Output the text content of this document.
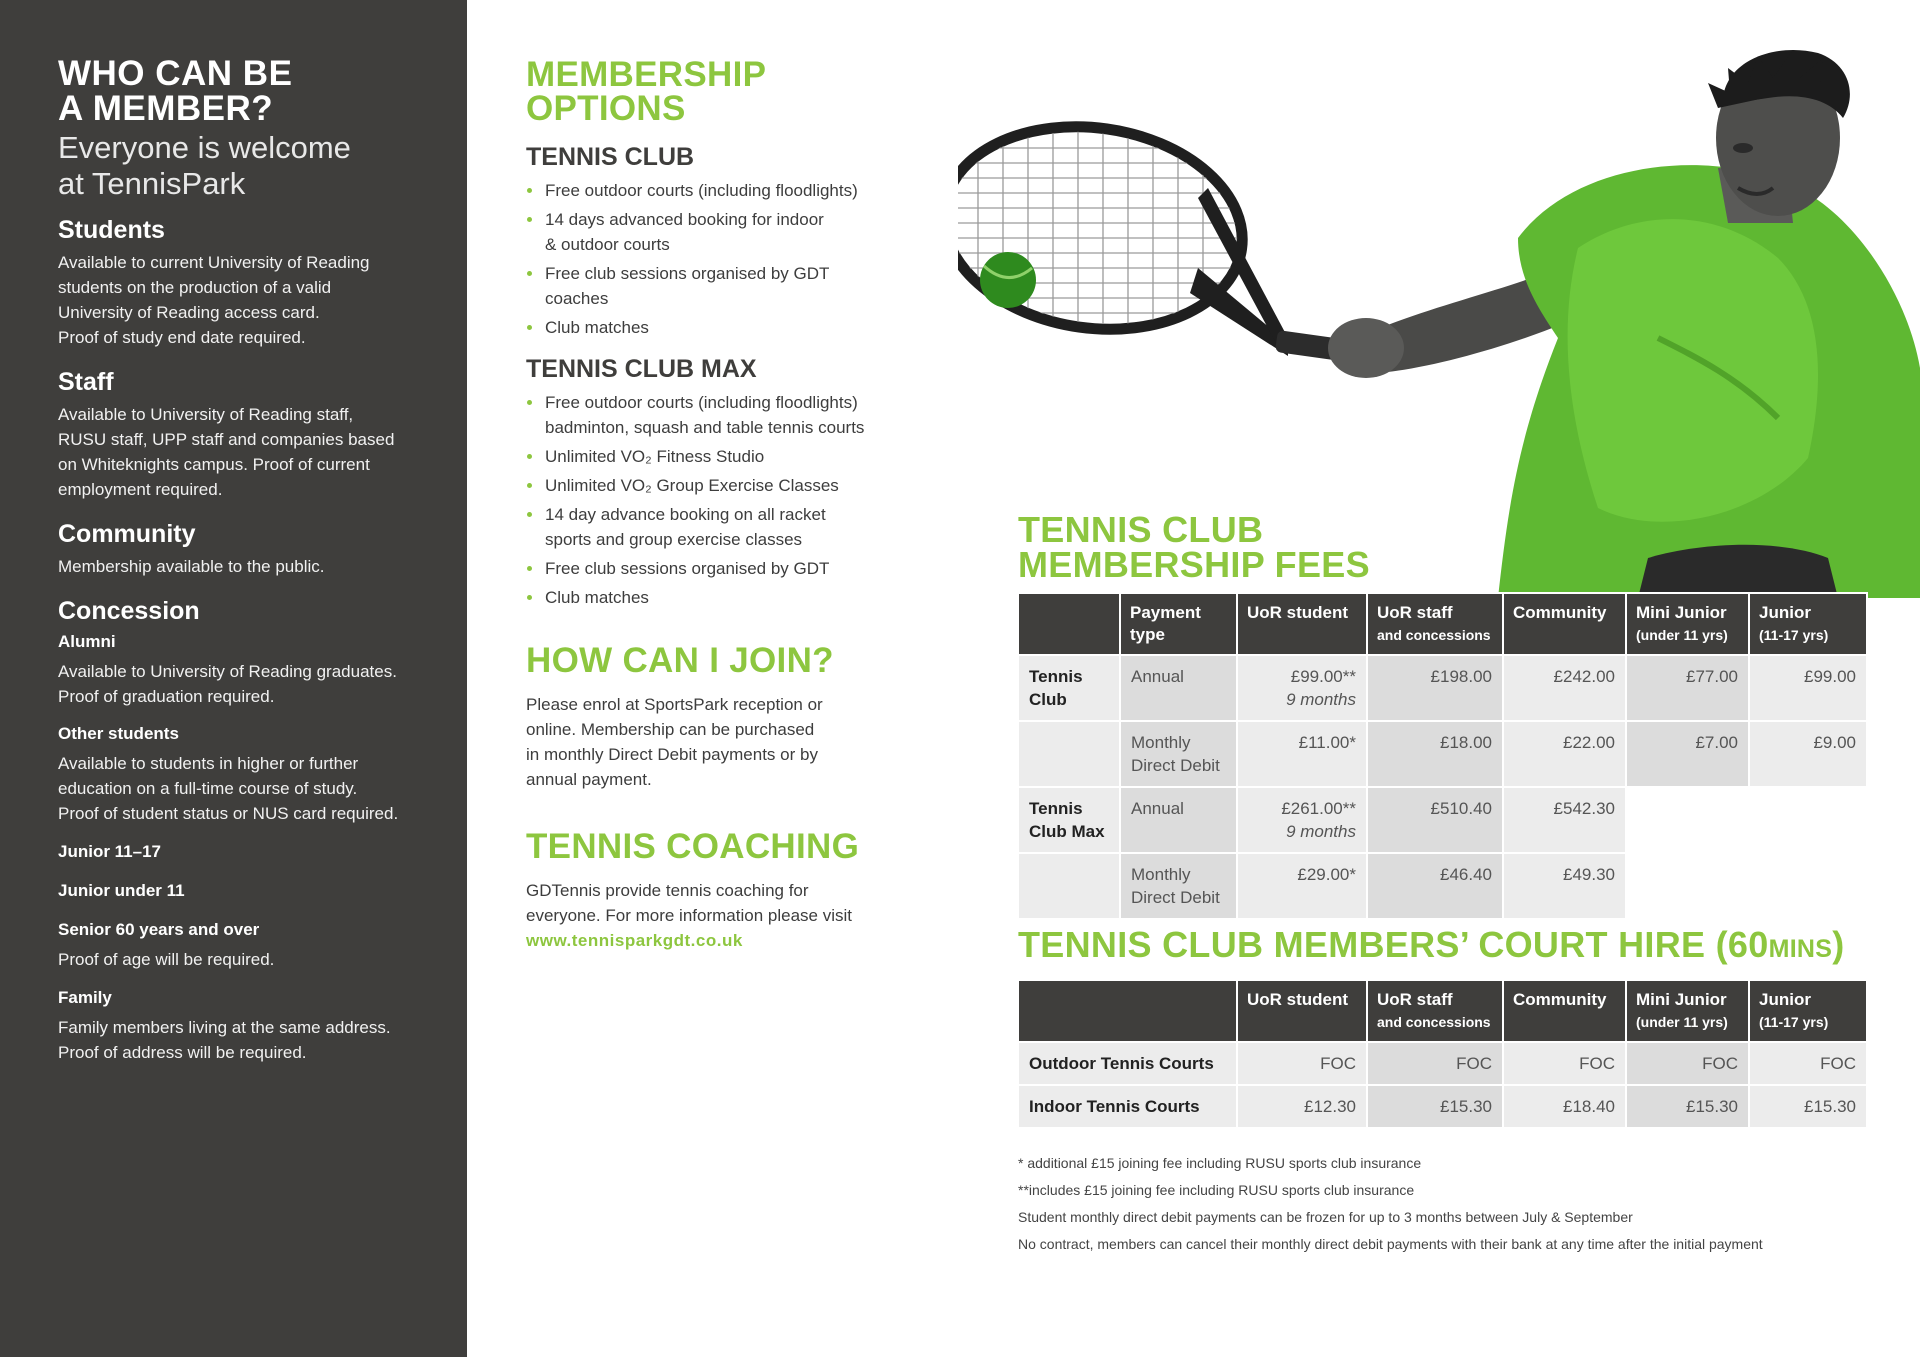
WHO CAN BE
A MEMBER?

Everyone is welcome
at TennisPark

Students

Available to current University of Reading
students on the production of a valid
University of Reading access card.
Proof of study end date required.

Staff

Available to University of Reading staff,
RUSU staff, UPP staff and companies based
on Whiteknights campus. Proof of current
employment required.

Community

Membership available to the public.

Concession
Alumni

Available to University of Reading graduates.
Proof of graduation required.

Other students

Available to students in higher or further
education on a full-time course of study.
Proof of student status or NUS card required.

Junior 11–17
Junior under 11
Senior 60 years and over

Proof of age will be required.

Family

Family members living at the same address.
Proof of address will be required.

MEMBERSHIP
OPTIONS
TENNIS CLUB
Free outdoor courts (including floodlights)
14 days advanced booking for indoor
& outdoor courts
Free club sessions organised by GDT
coaches
Club matches
TENNIS CLUB MAX
Free outdoor courts (including floodlights)
badminton, squash and table tennis courts
Unlimited VO₂ Fitness Studio
Unlimited VO₂ Group Exercise Classes
14 day advance booking on all racket
sports and group exercise classes
Free club sessions organised by GDT
Club matches
HOW CAN I JOIN?

Please enrol at SportsPark reception or
online. Membership can be purchased
in monthly Direct Debit payments or by
annual payment.

TENNIS COACHING

GDTennis provide tennis coaching for
everyone. For more information please visit

www.tennisparkgdt.co.uk

TENNIS CLUB
MEMBERSHIP FEES
	Payment
type	UoR student	UoR staff
and concessions	Community	Mini Junior
(under 11 yrs)	Junior
(11-17 yrs)

Tennis
Club	Annual	£99.00**
9 months	£198.00	£242.00	£77.00	£99.00

	Monthly
Direct Debit	£11.00*	£18.00	£22.00	£7.00	£9.00

Tennis
Club Max	Annual	£261.00**
9 months	£510.40	£542.30		

	Monthly
Direct Debit	£29.00*	£46.40	£49.30		
TENNIS CLUB MEMBERS’ COURT HIRE (60MINS)
	UoR student	UoR staff
and concessions	Community	Mini Junior
(under 11 yrs)	Junior
(11-17 yrs)

Outdoor Tennis Courts	FOC	FOC	FOC	FOC	FOC
Indoor Tennis Courts	£12.30	£15.30	£18.40	£15.30	£15.30

* additional £15 joining fee including RUSU sports club insurance

**includes £15 joining fee including RUSU sports club insurance

Student monthly direct debit payments can be frozen for up to 3 months between July & September

No contract, members can cancel their monthly direct debit payments with their bank at any time after the initial payment
